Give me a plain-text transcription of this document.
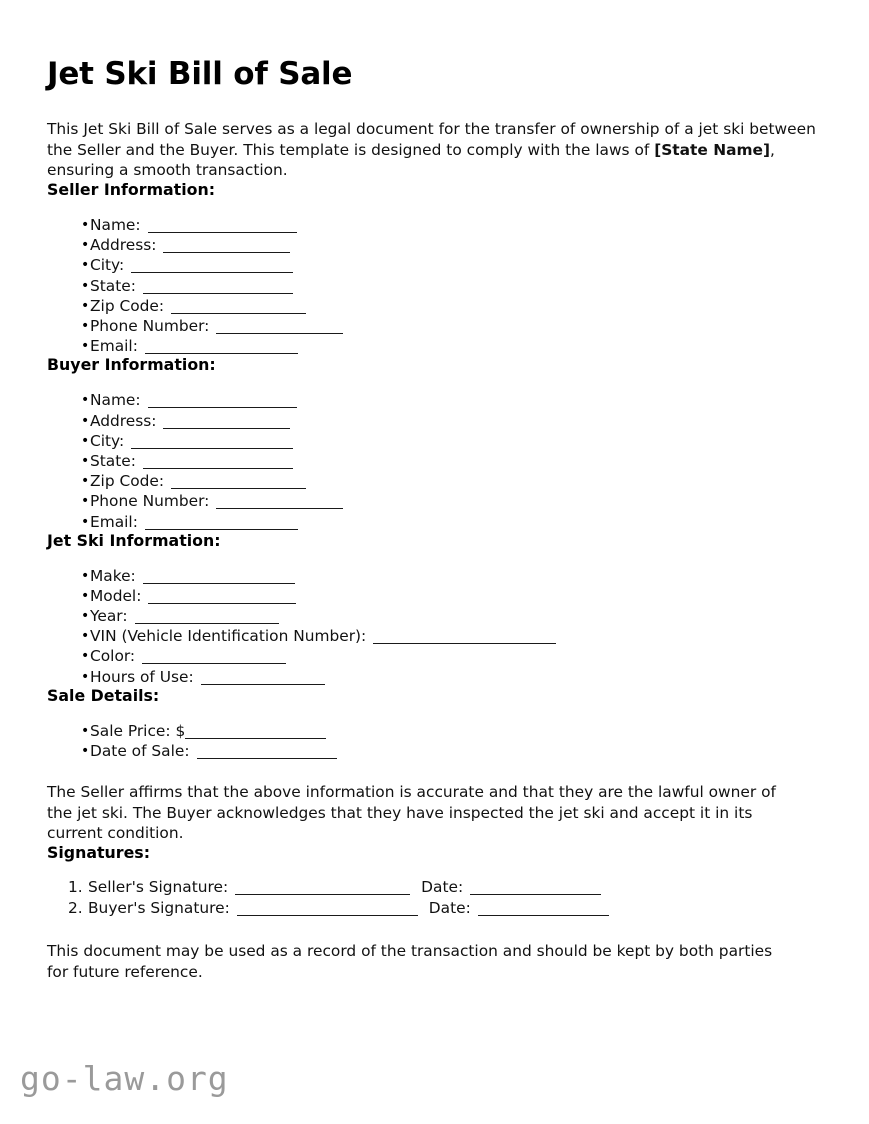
Jet Ski Bill of Sale

This Jet Ski Bill of Sale serves as a legal document for the transfer of ownership of a jet ski between the Seller and the Buyer. This template is designed to comply with the laws of [State Name], ensuring a smooth transaction.

Seller Information:
• Name:
• Address:
• City:
• State:
• Zip Code:
• Phone Number:
• Email:
Buyer Information:
• Name:
• Address:
• City:
• State:
• Zip Code:
• Phone Number:
• Email:
Jet Ski Information:
• Make:
• Model:
• Year:
• VIN (Vehicle Identification Number):
• Color:
• Hours of Use:
Sale Details:
• Sale Price: $
• Date of Sale:

The Seller affirms that the above information is accurate and that they are the lawful owner of the jet ski. The Buyer acknowledges that they have inspected the jet ski and accept it in its current condition.

Signatures:
1. Seller's Signature:	Date:
2. Buyer's Signature:	Date:

This document may be used as a record of the transaction and should be kept by both parties for future reference.

go-law.org
